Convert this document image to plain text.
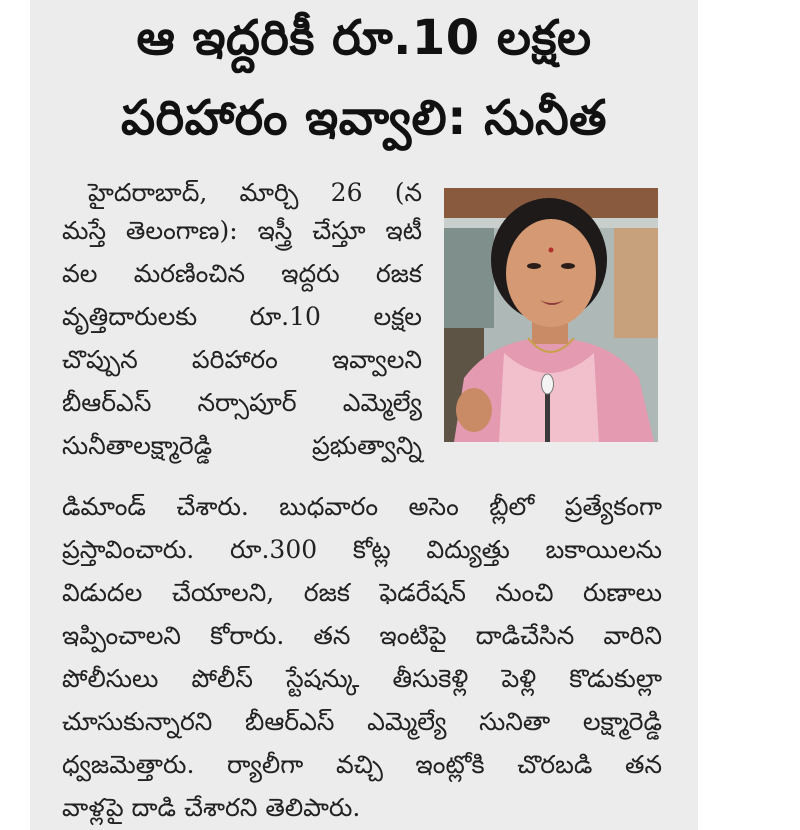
ఆ ఇద్దరికీ రూ.10 లక్షల
పరిహారం ఇవ్వాలి: సునీత
హైదరాబాద్, మార్చి 26 (న
మస్తే తెలంగాణ): ఇస్త్రీ చేస్తూ ఇటీ
వల మరణించిన ఇద్దరు రజక
వృత్తిదారులకు రూ.10 లక్షల
చొప్పున పరిహారం ఇవ్వాలని
బీఆర్ఎస్ నర్సాపూర్ ఎమ్మెల్యే
సునీతాలక్ష్మారెడ్డి ప్రభుత్వాన్ని
డిమాండ్ చేశారు. బుధవారం అసెం బ్లీలో ప్రత్యేకంగా
ప్రస్తావించారు. రూ.300 కోట్ల విద్యుత్తు బకాయిలను
విడుదల చేయాలని, రజక ఫెడరేషన్ నుంచి రుణాలు
ఇప్పించాలని కోరారు. తన ఇంటిపై దాడిచేసిన వారిని
పోలీసులు పోలీస్ స్టేషన్కు తీసుకెళ్లి పెళ్లి కొడుకుల్లా
చూసుకున్నారని బీఆర్ఎస్ ఎమ్మెల్యే సునితా లక్ష్మారెడ్డి
ధ్వజమెత్తారు. ర్యాలీగా వచ్చి ఇంట్లోకి చొరబడి తన
వాళ్లపై దాడి చేశారని తెలిపారు.
